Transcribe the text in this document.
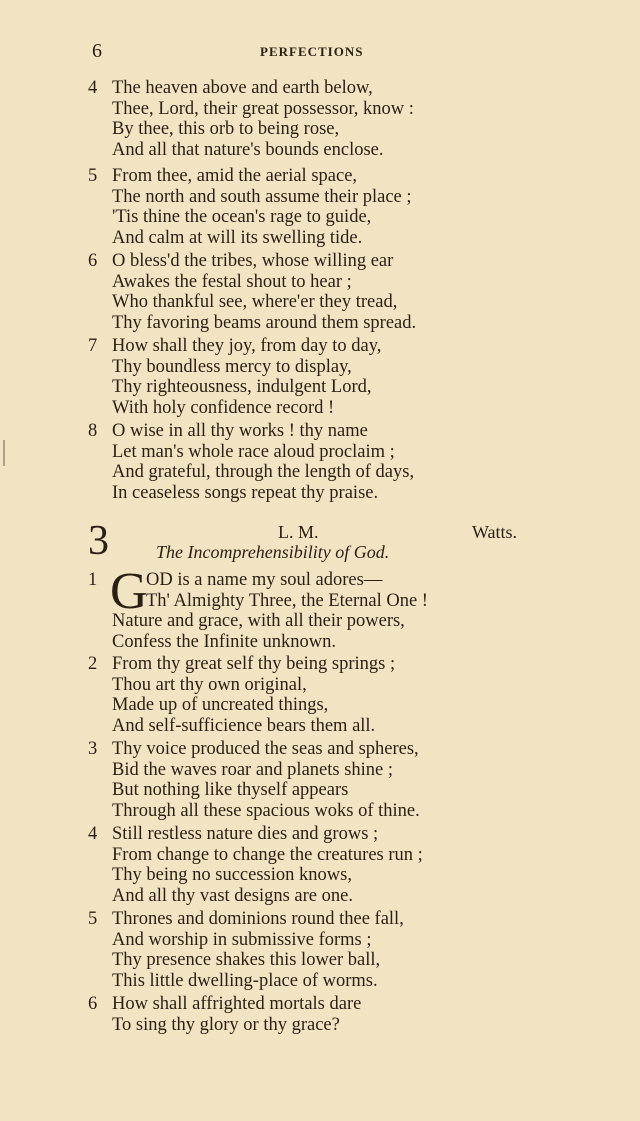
6	PERFECTIONS
4 The heaven above and earth below,
Thee, Lord, their great possessor, know :
By thee, this orb to being rose,
And all that nature's bounds enclose.
5 From thee, amid the aerial space,
The north and south assume their place ;
'Tis thine the ocean's rage to guide,
And calm at will its swelling tide.
6 O bless'd the tribes, whose willing ear
Awakes the festal shout to hear ;
Who thankful see, where'er they tread,
Thy favoring beams around them spread.
7 How shall they joy, from day to day,
Thy boundless mercy to display,
Thy righteousness, indulgent Lord,
With holy confidence record !
8 O wise in all thy works ! thy name
Let man's whole race aloud proclaim ;
And grateful, through the length of days,
In ceaseless songs repeat thy praise.
3	L. M.	Watts.
The Incomprehensibility of God.
1 G
OD is a name my soul adores—
Th' Almighty Three, the Eternal One !
Nature and grace, with all their powers,
Confess the Infinite unknown.
2 From thy great self thy being springs ;
Thou art thy own original,
Made up of uncreated things,
And self-sufficience bears them all.
3 Thy voice produced the seas and spheres,
Bid the waves roar and planets shine ;
But nothing like thyself appears
Through all these spacious woks of thine.
4 Still restless nature dies and grows ;
From change to change the creatures run ;
Thy being no succession knows,
And all thy vast designs are one.
5 Thrones and dominions round thee fall,
And worship in submissive forms ;
Thy presence shakes this lower ball,
This little dwelling-place of worms.
6 How shall affrighted mortals dare
To sing thy glory or thy grace?
